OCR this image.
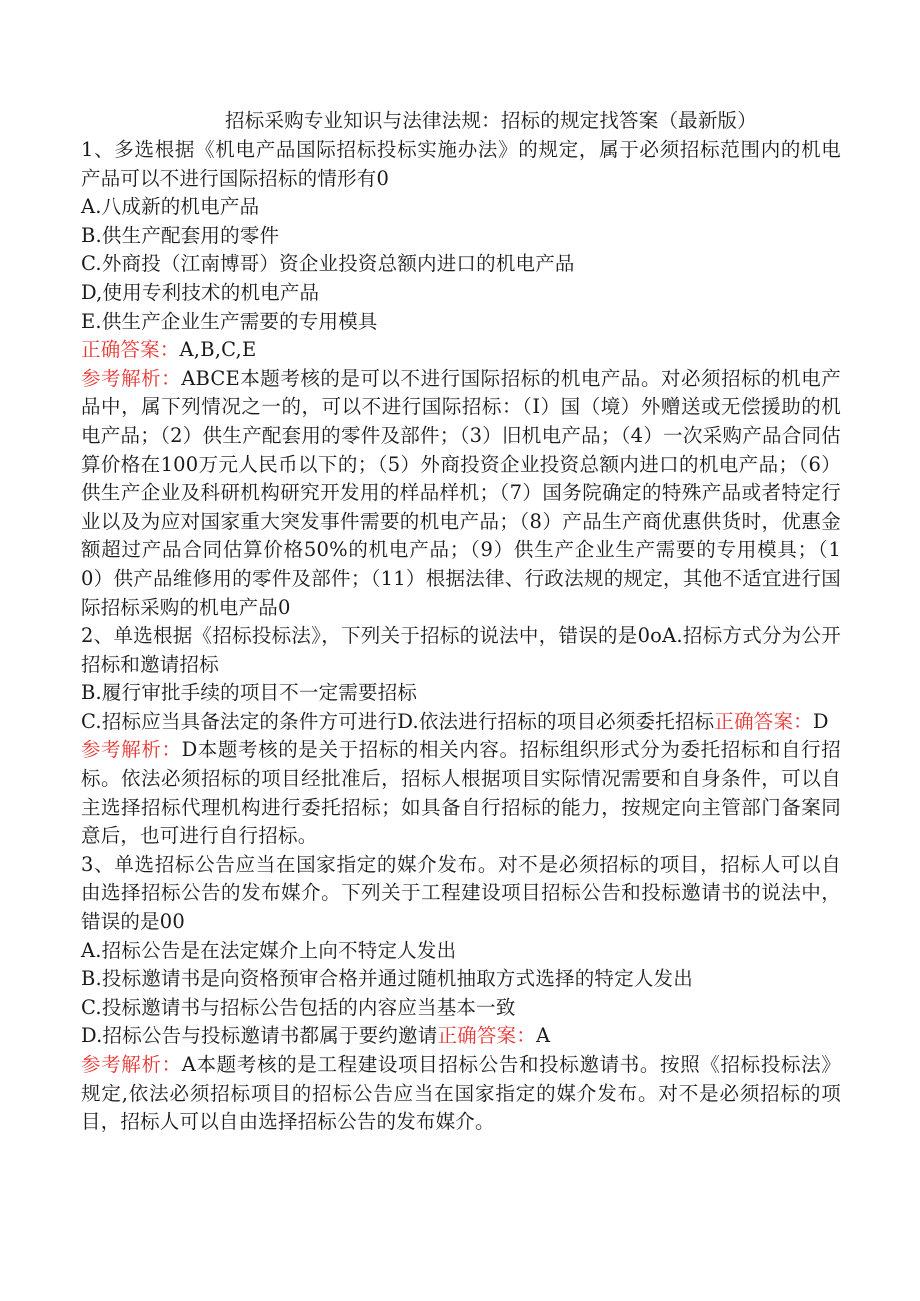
招标采购专业知识与法律法规：招标的规定找答案（最新版）

1、多选根据《机电产品国际招标投标实施办法》的规定，属于必须招标范围内的机电产品可以不进行国际招标的情形有0

A.八成新的机电产品

B.供生产配套用的零件

C.外商投（江南博哥）资企业投资总额内进口的机电产品

D,使用专利技术的机电产品

E.供生产企业生产需要的专用模具

正确答案：A,B,C,E

参考解析：ABCE本题考核的是可以不进行国际招标的机电产品。对必须招标的机电产品中，属下列情况之一的，可以不进行国际招标：（I）国（境）外赠送或无偿援助的机电产品；（2）供生产配套用的零件及部件；（3）旧机电产品；（4）一次采购产品合同估算价格在100万元人民币以下的；（5）外商投资企业投资总额内进口的机电产品；（6）供生产企业及科研机构研究开发用的样品样机；（7）国务院确定的特殊产品或者特定行业以及为应对国家重大突发事件需要的机电产品；（8）产品生产商优惠供货时，优惠金额超过产品合同估算价格50%的机电产品；（9）供生产企业生产需要的专用模具；（10）供产品维修用的零件及部件；（11）根据法律、行政法规的规定，其他不适宜进行国际招标采购的机电产品0

2、单选根据《招标投标法》，下列关于招标的说法中，错误的是0oA.招标方式分为公开招标和邀请招标

B.履行审批手续的项目不一定需要招标

C.招标应当具备法定的条件方可进行D.依法进行招标的项目必须委托招标正确答案：D

参考解析：D本题考核的是关于招标的相关内容。招标组织形式分为委托招标和自行招标。依法必须招标的项目经批准后，招标人根据项目实际情况需要和自身条件，可以自主选择招标代理机构进行委托招标；如具备自行招标的能力，按规定向主管部门备案同意后，也可进行自行招标。

3、单选招标公告应当在国家指定的媒介发布。对不是必须招标的项目，招标人可以自由选择招标公告的发布媒介。下列关于工程建设项目招标公告和投标邀请书的说法中，错误的是00

A.招标公告是在法定媒介上向不特定人发出

B.投标邀请书是向资格预审合格并通过随机抽取方式选择的特定人发出

C.投标邀请书与招标公告包括的内容应当基本一致

D.招标公告与投标邀请书都属于要约邀请正确答案：A

参考解析：A本题考核的是工程建设项目招标公告和投标邀请书。按照《招标投标法》规定,依法必须招标项目的招标公告应当在国家指定的媒介发布。对不是必须招标的项目，招标人可以自由选择招标公告的发布媒介。
